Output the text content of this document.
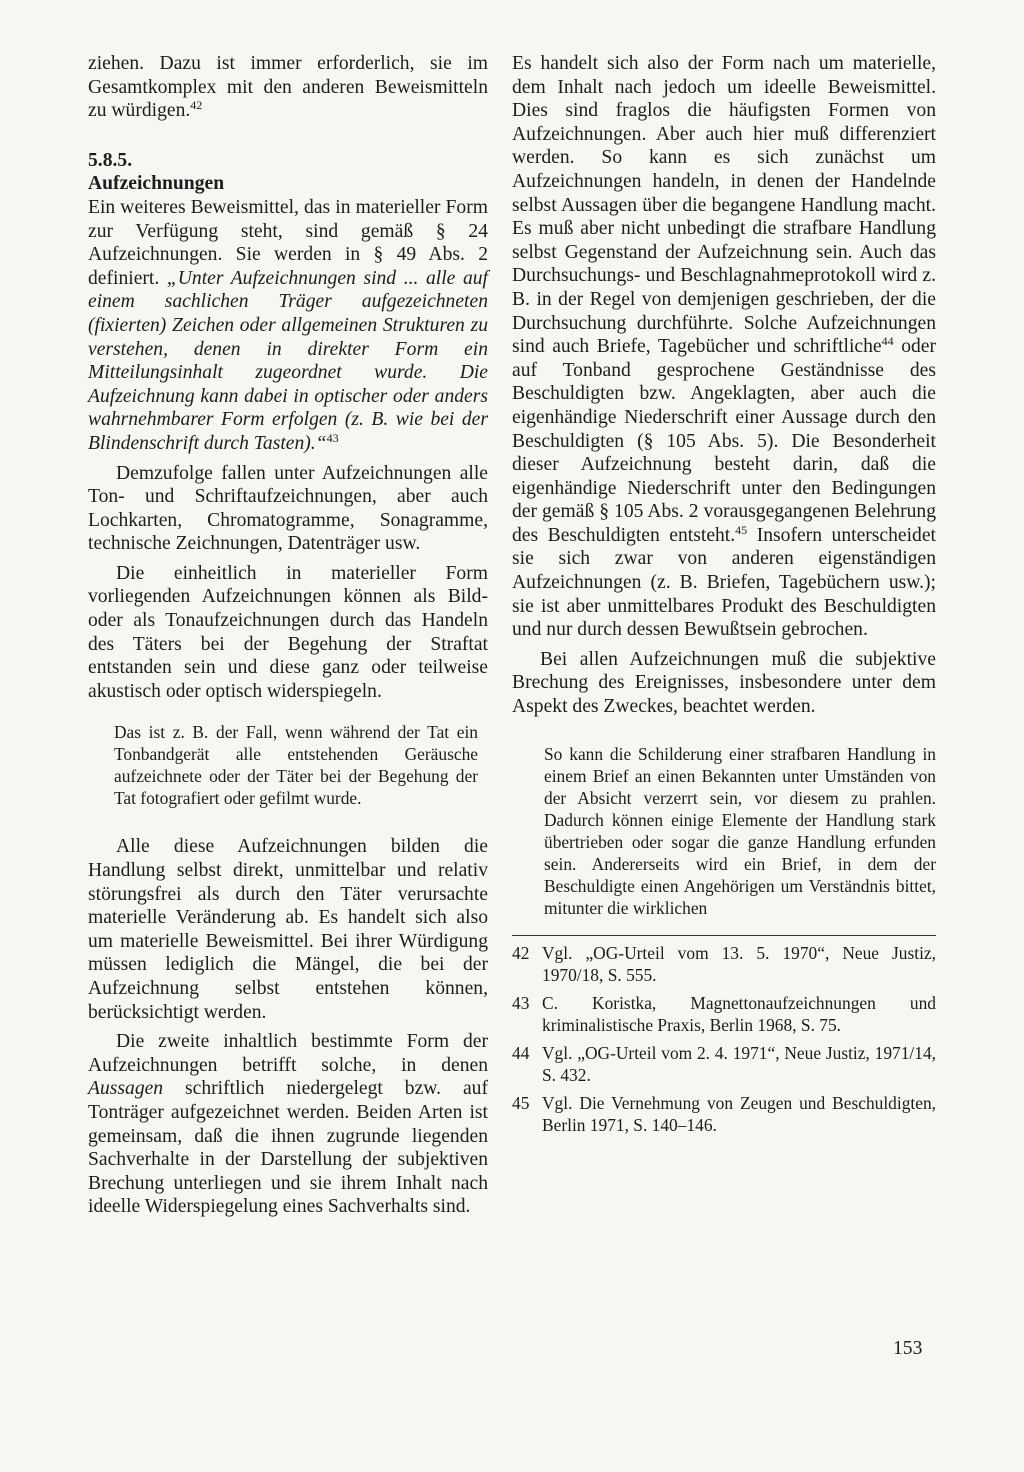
ziehen. Dazu ist immer erforderlich, sie im Gesamtkomplex mit den anderen Beweismitteln zu würdigen.$^{42}$

5.8.5.
Aufzeichnungen

Ein weiteres Beweismittel, das in materieller Form zur Verfügung steht, sind gemäß § 24 Aufzeichnungen. Sie werden in § 49 Abs. 2 definiert. „Unter Aufzeichnungen sind ... alle auf einem sachlichen Träger aufgezeichneten (fixierten) Zeichen oder allgemeinen Strukturen zu verstehen, denen in direkter Form ein Mitteilungsinhalt zugeordnet wurde. Die Aufzeichnung kann dabei in optischer oder anders wahrnehmbarer Form erfolgen (z. B. wie bei der Blindenschrift durch Tasten).“$^{43}$

Demzufolge fallen unter Aufzeichnungen alle Ton- und Schriftaufzeichnungen, aber auch Lochkarten, Chromatogramme, Sonagramme, technische Zeichnungen, Datenträger usw.

Die einheitlich in materieller Form vorliegenden Aufzeichnungen können als Bild- oder als Tonaufzeichnungen durch das Handeln des Täters bei der Begehung der Straftat entstanden sein und diese ganz oder teilweise akustisch oder optisch widerspiegeln.

Das ist z. B. der Fall, wenn während der Tat ein Tonbandgerät alle entstehenden Geräusche aufzeichnete oder der Täter bei der Begehung der Tat fotografiert oder gefilmt wurde.

Alle diese Aufzeichnungen bilden die Handlung selbst direkt, unmittelbar und relativ störungsfrei als durch den Täter verursachte materielle Veränderung ab. Es handelt sich also um materielle Beweismittel. Bei ihrer Würdigung müssen lediglich die Mängel, die bei der Aufzeichnung selbst entstehen können, berücksichtigt werden.

Die zweite inhaltlich bestimmte Form der Aufzeichnungen betrifft solche, in denen Aussagen schriftlich niedergelegt bzw. auf Tonträger aufgezeichnet werden. Beiden Arten ist gemeinsam, daß die ihnen zugrunde liegenden Sachverhalte in der Darstellung der subjektiven Brechung unterliegen und sie ihrem Inhalt nach ideelle Widerspiegelung eines Sachverhalts sind.

Es handelt sich also der Form nach um materielle, dem Inhalt nach jedoch um ideelle Beweismittel. Dies sind fraglos die häufigsten Formen von Aufzeichnungen. Aber auch hier muß differenziert werden. So kann es sich zunächst um Aufzeichnungen handeln, in denen der Handelnde selbst Aussagen über die begangene Handlung macht. Es muß aber nicht unbedingt die strafbare Handlung selbst Gegenstand der Aufzeichnung sein. Auch das Durchsuchungs- und Beschlagnahmeprotokoll wird z. B. in der Regel von demjenigen geschrieben, der die Durchsuchung durchführte. Solche Aufzeichnungen sind auch Briefe, Tagebücher und schriftliche$^{44}$ oder auf Tonband gesprochene Geständnisse des Beschuldigten bzw. Angeklagten, aber auch die eigenhändige Niederschrift einer Aussage durch den Beschuldigten (§ 105 Abs. 5). Die Besonderheit dieser Aufzeichnung besteht darin, daß die eigenhändige Niederschrift unter den Bedingungen der gemäß § 105 Abs. 2 vorausgegangenen Belehrung des Beschuldigten entsteht.$^{45}$ Insofern unterscheidet sie sich zwar von anderen eigenständigen Aufzeichnungen (z. B. Briefen, Tagebüchern usw.); sie ist aber unmittelbares Produkt des Beschuldigten und nur durch dessen Bewußtsein gebrochen.

Bei allen Aufzeichnungen muß die subjektive Brechung des Ereignisses, insbesondere unter dem Aspekt des Zweckes, beachtet werden.

So kann die Schilderung einer strafbaren Handlung in einem Brief an einen Bekannten unter Umständen von der Absicht verzerrt sein, vor diesem zu prahlen. Dadurch können einige Elemente der Handlung stark übertrieben oder sogar die ganze Handlung erfunden sein. Andererseits wird ein Brief, in dem der Beschuldigte einen Angehörigen um Verständnis bittet, mitunter die wirklichen
42 Vgl. „OG-Urteil vom 13. 5. 1970“, Neue Justiz, 1970/18, S. 555.
43 C. Koristka, Magnettonaufzeichnungen und kriminalistische Praxis, Berlin 1968, S. 75.
44 Vgl. „OG-Urteil vom 2. 4. 1971“, Neue Justiz, 1971/14, S. 432.
45 Vgl. Die Vernehmung von Zeugen und Beschuldigten, Berlin 1971, S. 140–146.
153
